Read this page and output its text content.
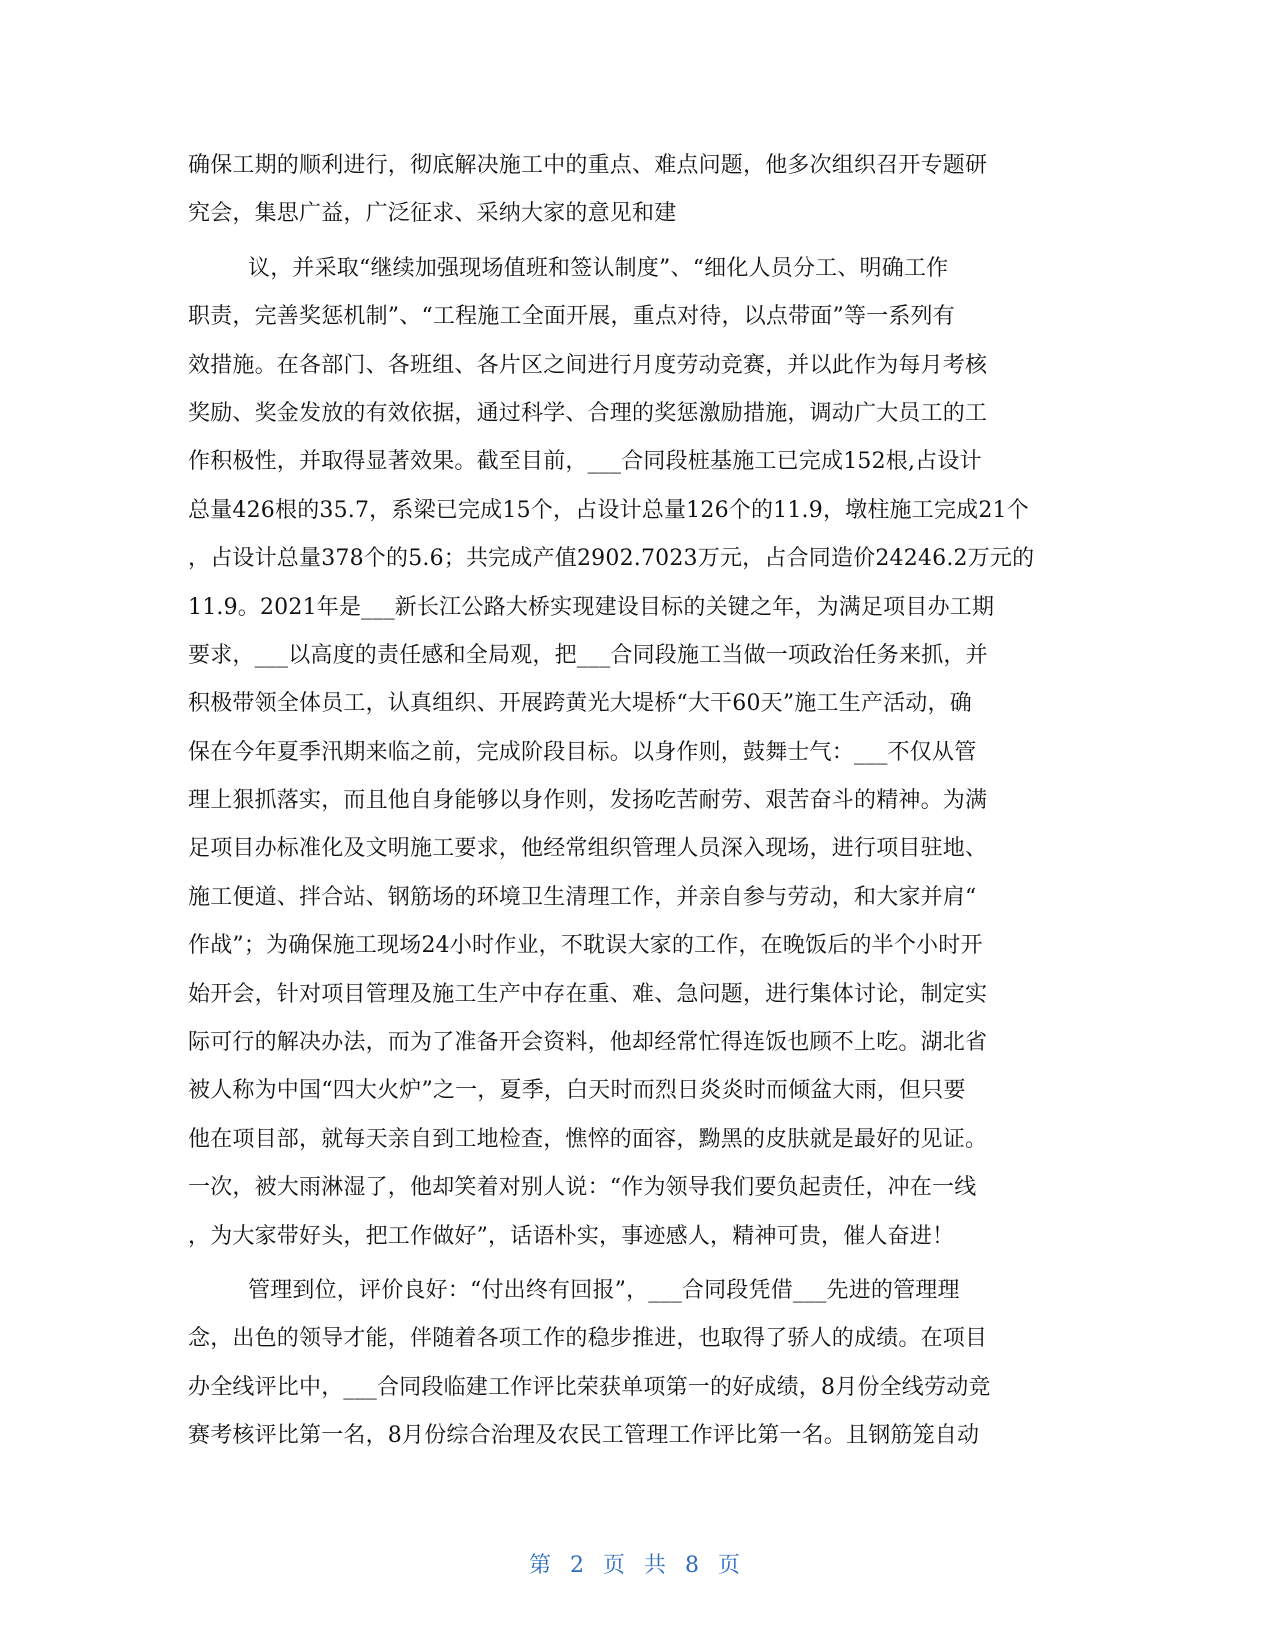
确保工期的顺利进行，彻底解决施工中的重点、难点问题，他多次组织召开专题研
究会，集思广益，广泛征求、采纳大家的意见和建
议，并采取“继续加强现场值班和签认制度”、“细化人员分工、明确工作
职责，完善奖惩机制”、“工程施工全面开展，重点对待，以点带面”等一系列有
效措施。在各部门、各班组、各片区之间进行月度劳动竞赛，并以此作为每月考核
奖励、奖金发放的有效依据，通过科学、合理的奖惩激励措施，调动广大员工的工
作积极性，并取得显著效果。截至目前，___合同段桩基施工已完成152根,占设计
总量426根的35.7，系梁已完成15个，占设计总量126个的11.9，墩柱施工完成21个
，占设计总量378个的5.6；共完成产值2902.7023万元，占合同造价24246.2万元的
11.9。2021年是___新长江公路大桥实现建设目标的关键之年，为满足项目办工期
要求，___以高度的责任感和全局观，把___合同段施工当做一项政治任务来抓，并
积极带领全体员工，认真组织、开展跨黄光大堤桥“大干60天”施工生产活动，确
保在今年夏季汛期来临之前，完成阶段目标。以身作则，鼓舞士气：___不仅从管
理上狠抓落实，而且他自身能够以身作则，发扬吃苦耐劳、艰苦奋斗的精神。为满
足项目办标准化及文明施工要求，他经常组织管理人员深入现场，进行项目驻地、
施工便道、拌合站、钢筋场的环境卫生清理工作，并亲自参与劳动，和大家并肩“
作战”；为确保施工现场24小时作业，不耽误大家的工作，在晚饭后的半个小时开
始开会，针对项目管理及施工生产中存在重、难、急问题，进行集体讨论，制定实
际可行的解决办法，而为了准备开会资料，他却经常忙得连饭也顾不上吃。湖北省
被人称为中国“四大火炉”之一，夏季，白天时而烈日炎炎时而倾盆大雨，但只要
他在项目部，就每天亲自到工地检查，憔悴的面容，黝黑的皮肤就是最好的见证。
一次，被大雨淋湿了，他却笑着对别人说：“作为领导我们要负起责任，冲在一线
，为大家带好头，把工作做好”，话语朴实，事迹感人，精神可贵，催人奋进！
管理到位，评价良好：“付出终有回报”，___合同段凭借___先进的管理理
念，出色的领导才能，伴随着各项工作的稳步推进，也取得了骄人的成绩。在项目
办全线评比中，___合同段临建工作评比荣获单项第一的好成绩，8月份全线劳动竞
赛考核评比第一名，8月份综合治理及农民工管理工作评比第一名。且钢筋笼自动
第 2 页 共 8 页
